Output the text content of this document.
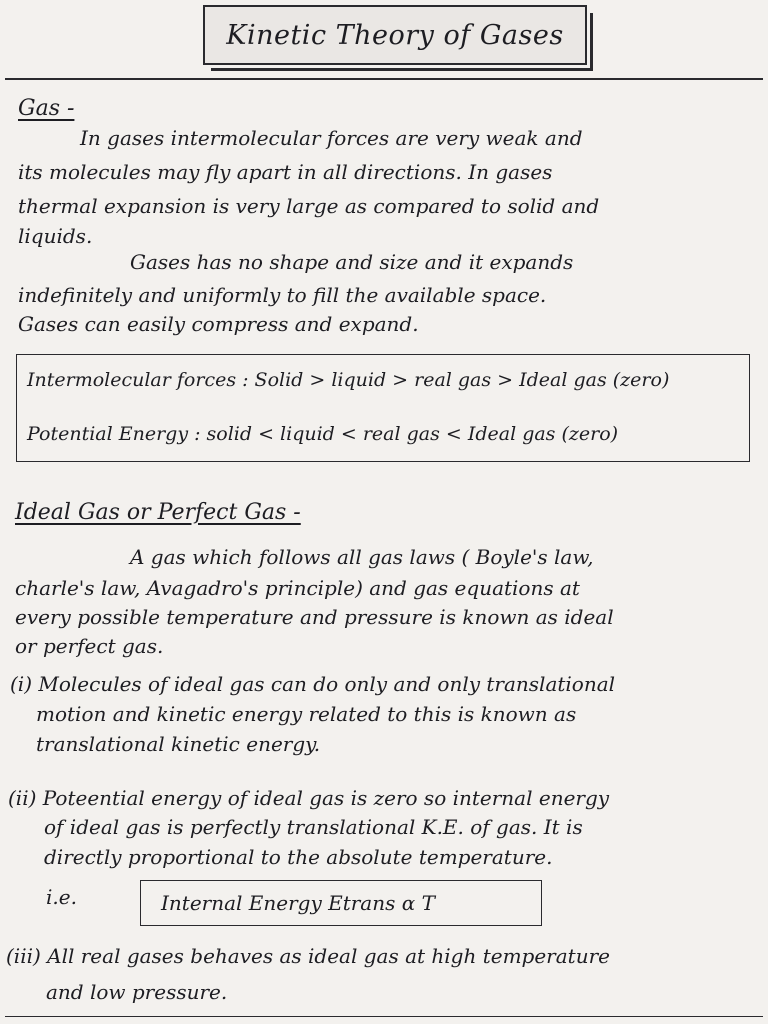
Kinetic Theory of Gases
Gas -
In gases intermolecular forces are very weak and
its molecules may fly apart in all directions. In gases
thermal expansion is very large as compared to solid and
liquids.
Gases has no shape and size and it expands
indefinitely and uniformly to fill the available space.
Gases can easily compress and expand.
Intermolecular forces : Solid > liquid > real gas > Ideal gas (zero)
Potential Energy : solid < liquid < real gas < Ideal gas (zero)
Ideal Gas or Perfect Gas -
A gas which follows all gas laws ( Boyle's law,
charle's law, Avagadro's principle) and gas equations at
every possible temperature and pressure is known as ideal
or perfect gas.
(i) Molecules of ideal gas can do only and only translational
motion and kinetic energy related to this is known as
translational kinetic energy.
(ii) Poteential energy of ideal gas is zero so internal energy
of ideal gas is perfectly translational K.E. of gas. It is
directly proportional to the absolute temperature.
i.e.	Internal Energy Etrans α T
(iii) All real gases behaves as ideal gas at high temperature
and low pressure.
